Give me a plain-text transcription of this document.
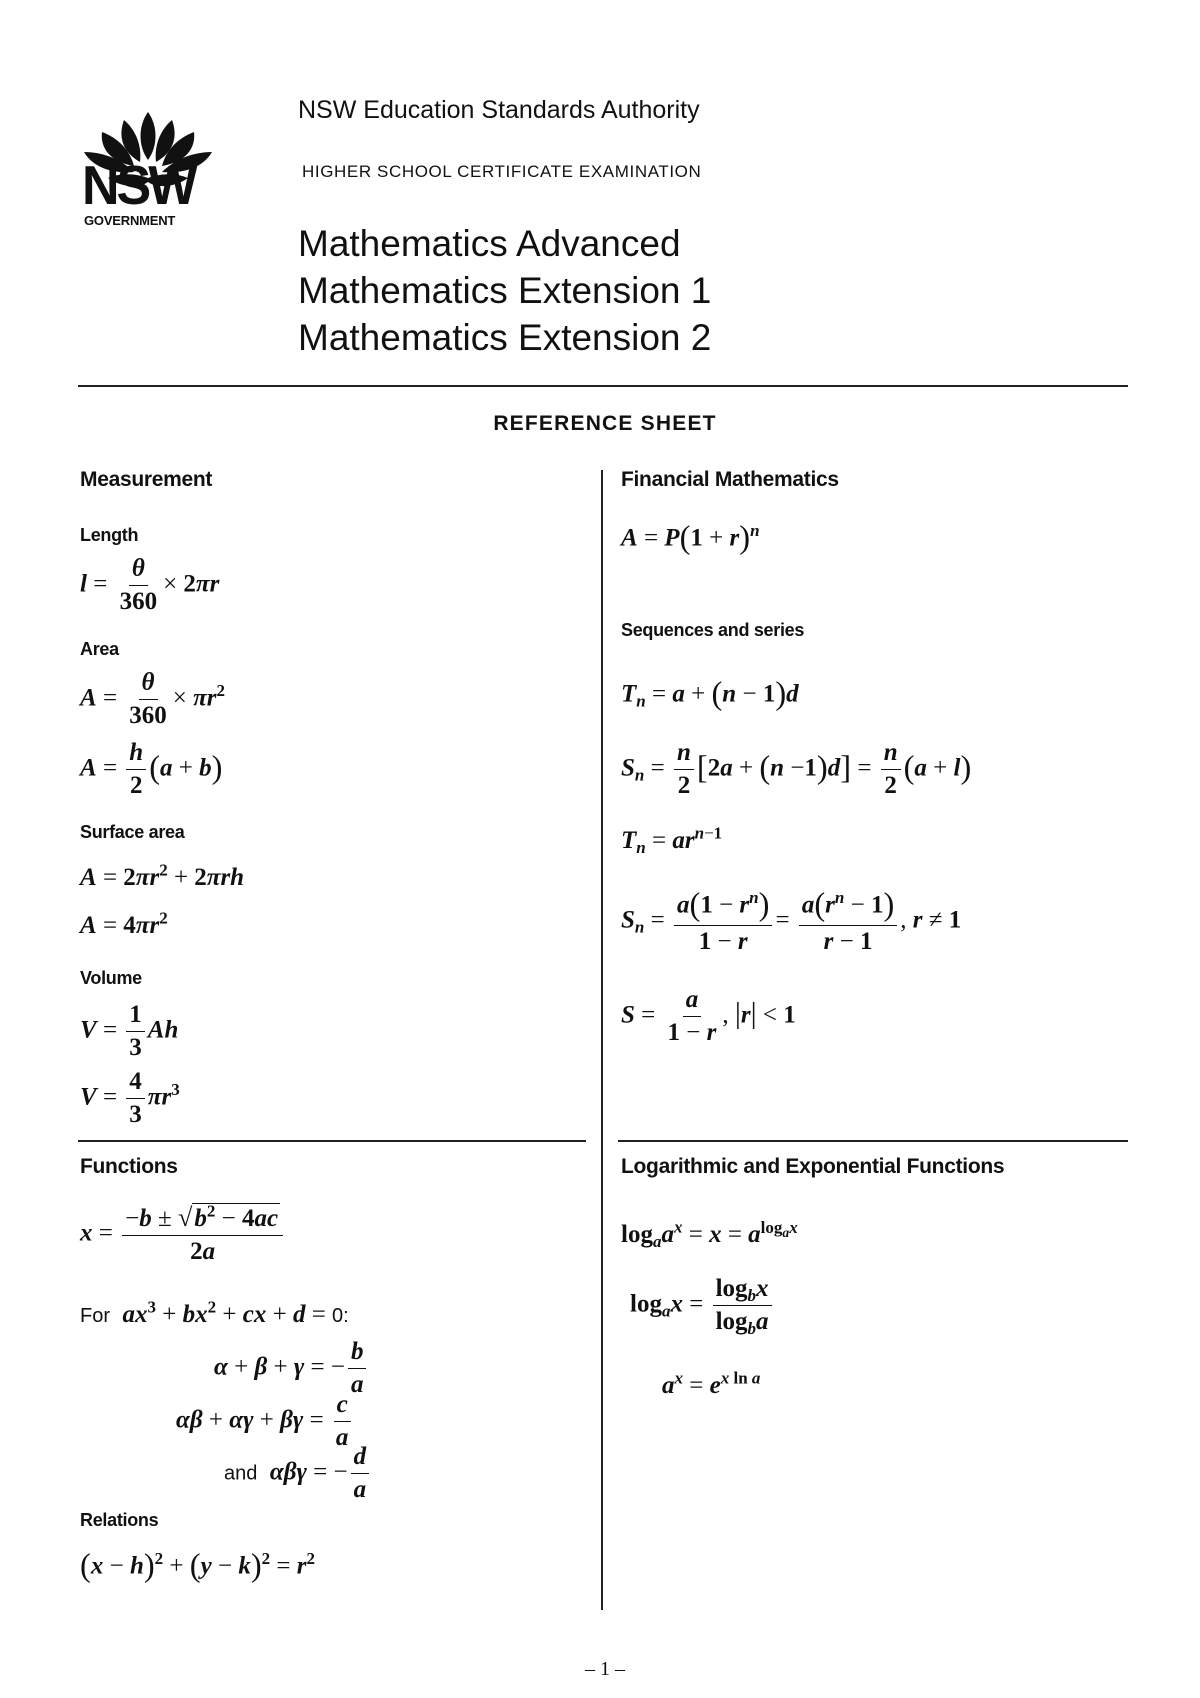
NSW
GOVERNMENT
NSW Education Standards Authority
HIGHER SCHOOL CERTIFICATE EXAMINATION
Mathematics Advanced
Mathematics Extension 1
Mathematics Extension 2
REFERENCE SHEET
Measurement
Length
$l = \frac{\theta}{360} \times 2\pi r$
Area
$A = \frac{\theta}{360} \times \pi r^2$
$A = \frac{h}{2} (a + b)$
Surface area
$A = 2\pi r^2 + 2\pi rh$
$A = 4\pi r^2$
Volume
$V = \frac{1}{3}$ Ah
$V = \frac{4}{3} \pi r^3$
Financial Mathematics
$A = P(1 + r)^n$
Sequences and series
$T_n = a + (n - 1)d$
$S_n = \frac{n}{2} [2a + (n -1)d] = \frac{n}{2} (a + l)$
$T_n = ar^{n-1}$
$S_n = \frac{a(1 - r^n)}{1 - r} = \frac{a(r^n - 1)}{r - 1}$ , r ≠ 1
$S = \frac{a}{1 - r}$ , |r| < 1
Functions
$x = \frac{-b \pm √b^2 - 4ac}{2a}$
For $ax^3 + bx^2$ + cx + d = 0:
α + β + γ = − $\frac{b}{a}$
$\alpha\beta + \alpha\gamma + \beta\gamma = \frac{c}{a}$
and αβγ = − $\frac{d}{a}$
Relations
$(x - h)^2 + (y - k)^2 = r^2$
Logarithmic and Exponential Functions
$\log_aa^x = x = a^{log_ax}$
$\log_ax = \frac{\log_bx}{\log_ba}$
$a^x = e^{x ln a}$
– 1 –
